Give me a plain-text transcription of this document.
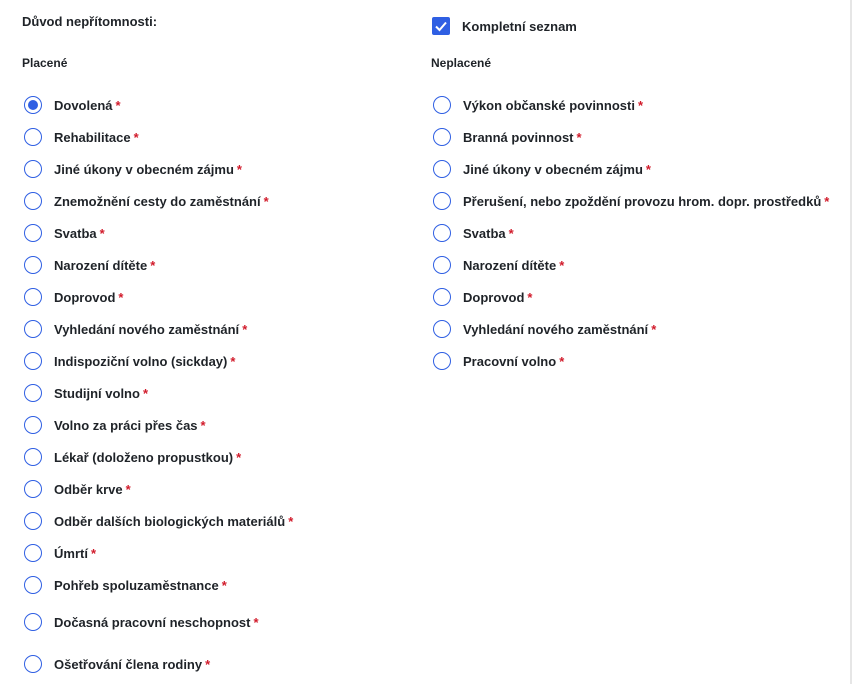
Důvod nepřítomnosti:	Kompletní seznam
Placené	Neplacené
Dovolená *
Rehabilitace *
Jiné úkony v obecném zájmu *
Znemožnění cesty do zaměstnání *
Svatba *
Narození dítěte *
Doprovod *
Vyhledání nového zaměstnání *
Indispoziční volno (sickday) *
Studijní volno *
Volno za práci přes čas *
Lékař (doloženo propustkou) *
Odběr krve *
Odběr dalších biologických materiálů *
Úmrtí *
Pohřeb spoluzaměstnance *
Dočasná pracovní neschopnost *
Ošetřování člena rodiny *
Výkon občanské povinnosti *
Branná povinnost *
Jiné úkony v obecném zájmu *
Přerušení, nebo zpoždění provozu hrom. dopr. prostředků *
Svatba *
Narození dítěte *
Doprovod *
Vyhledání nového zaměstnání *
Pracovní volno *
